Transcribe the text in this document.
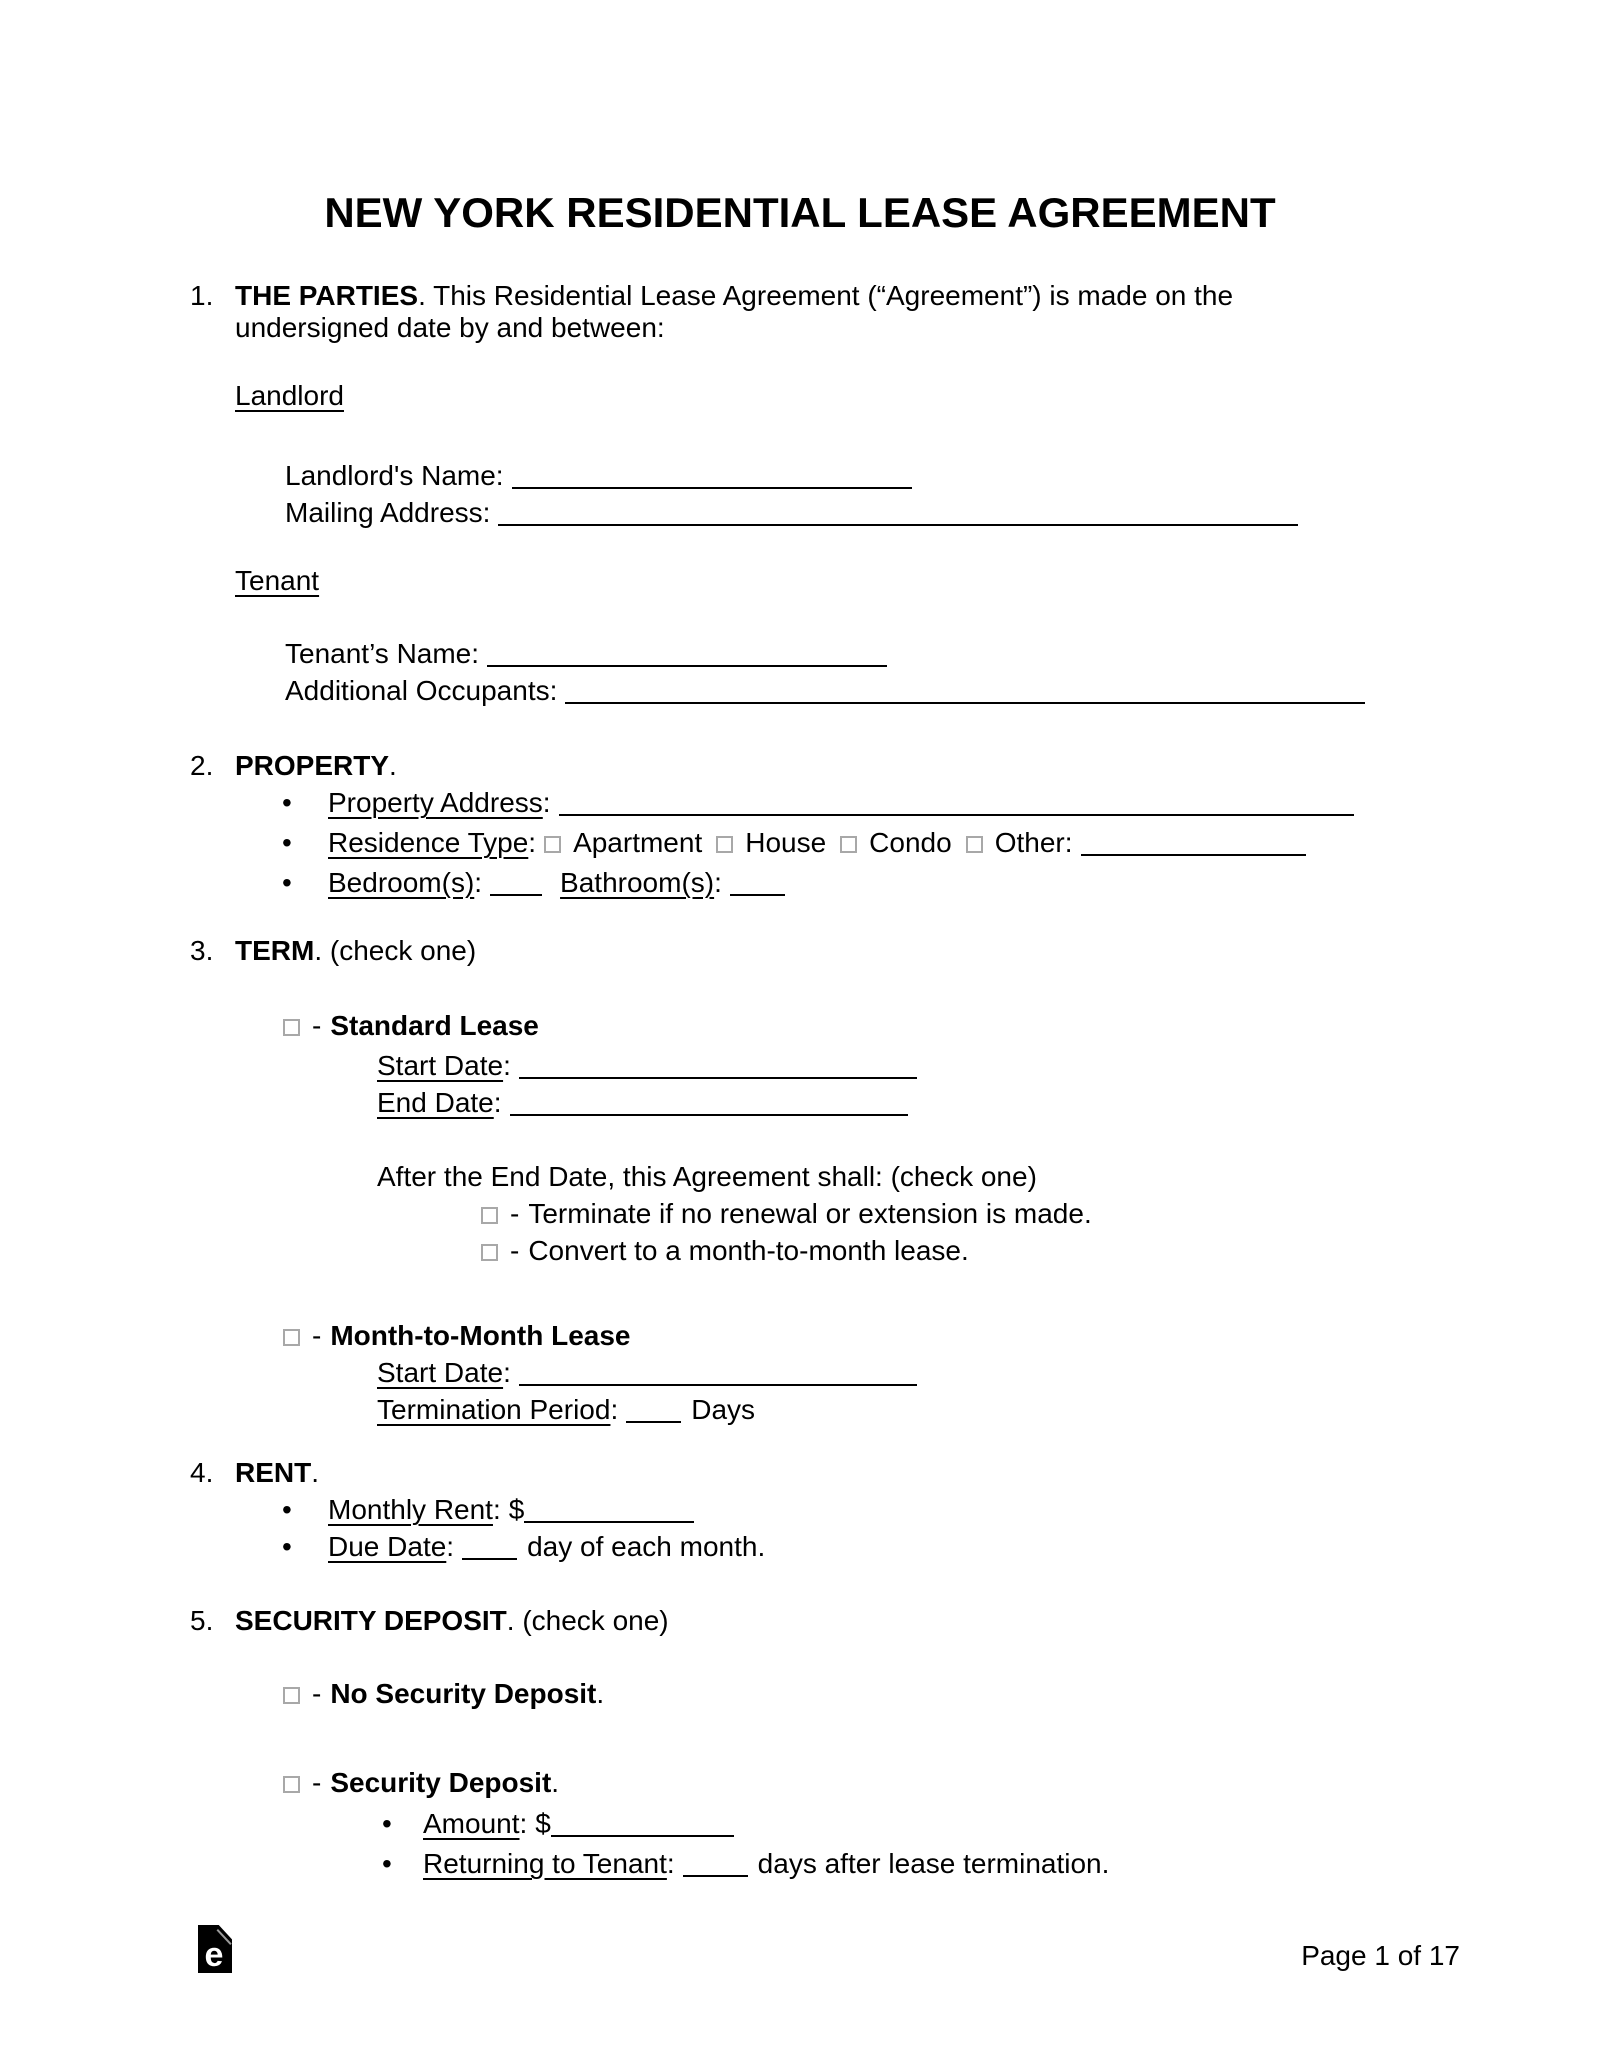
NEW YORK RESIDENTIAL LEASE AGREEMENT
1. THE PARTIES. This Residential Lease Agreement (“Agreement”) is made on the
undersigned date by and between:
Landlord
Landlord's Name:
Mailing Address:
Tenant
Tenant’s Name:
Additional Occupants:
2. PROPERTY.
• Property Address:
• Residence Type: Apartment House Condo Other:
• Bedroom(s):	Bathroom(s):
3. TERM. (check one)
- Standard Lease
Start Date:
End Date:
After the End Date, this Agreement shall: (check one)
- Terminate if no renewal or extension is made.
- Convert to a month-to-month lease.
- Month-to-Month Lease
Start Date:
Termination Period:	Days
4. RENT.
• Monthly Rent: $
• Due Date:	day of each month.
5. SECURITY DEPOSIT. (check one)
- No Security Deposit.
- Security Deposit.
• Amount: $
• Returning to Tenant:	days after lease termination.
e	Page 1 of 17
